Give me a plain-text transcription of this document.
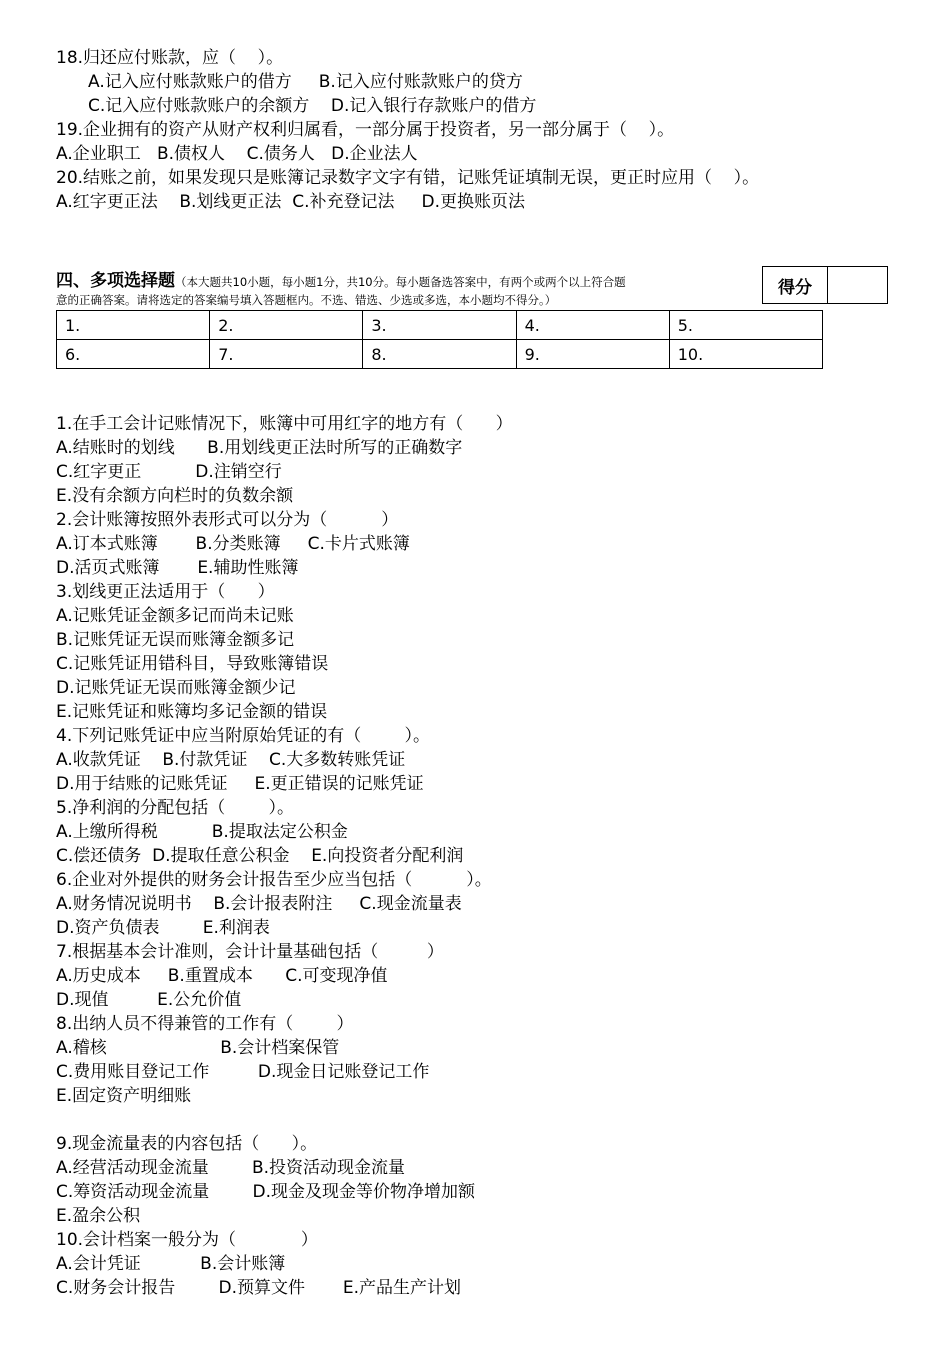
18.归还应付账款，应（    ）。
A.记入应付账款账户的借方     B.记入应付账款账户的贷方
C.记入应付账款账户的余额方    D.记入银行存款账户的借方
19.企业拥有的资产从财产权利归属看，一部分属于投资者，另一部分属于（    ）。
A.企业职工   B.债权人    C.债务人   D.企业法人
20.结账之前，如果发现只是账簿记录数字文字有错，记账凭证填制无误，更正时应用（    ）。
A.红字更正法    B.划线更正法  C.补充登记法     D.更换账页法
四、多项选择题（本大题共10小题，每小题1分，共10分。每小题备选答案中，有两个或两个以上符合题
意的正确答案。请将选定的答案编号填入答题框内。不选、错选、少选或多选，本小题均不得分。）
得分
1.	2.	3.	4.	5.
6.	7.	8.	9.	10.
1.在手工会计记账情况下，账簿中可用红字的地方有（      ）
A.结账时的划线      B.用划线更正法时所写的正确数字
C.红字更正          D.注销空行
E.没有余额方向栏时的负数余额
2.会计账簿按照外表形式可以分为（          ）
A.订本式账簿       B.分类账簿     C.卡片式账簿
D.活页式账簿       E.辅助性账簿
3.划线更正法适用于（      ）
A.记账凭证金额多记而尚未记账
B.记账凭证无误而账簿金额多记
C.记账凭证用错科目，导致账簿错误
D.记账凭证无误而账簿金额少记
E.记账凭证和账簿均多记金额的错误
4.下列记账凭证中应当附原始凭证的有（        ）。
A.收款凭证    B.付款凭证    C.大多数转账凭证
D.用于结账的记账凭证     E.更正错误的记账凭证
5.净利润的分配包括（        ）。
A.上缴所得税          B.提取法定公积金
C.偿还债务  D.提取任意公积金    E.向投资者分配利润
6.企业对外提供的财务会计报告至少应当包括（          ）。
A.财务情况说明书    B.会计报表附注     C.现金流量表
D.资产负债表        E.利润表
7.根据基本会计准则，会计计量基础包括（         ）
A.历史成本     B.重置成本      C.可变现净值
D.现值         E.公允价值
8.出纳人员不得兼管的工作有（        ）
A.稽核                     B.会计档案保管
C.费用账目登记工作         D.现金日记账登记工作
E.固定资产明细账
9.现金流量表的内容包括（      ）。
A.经营活动现金流量        B.投资活动现金流量
C.筹资活动现金流量        D.现金及现金等价物净增加额
E.盈余公积
10.会计档案一般分为（            ）
A.会计凭证           B.会计账簿
C.财务会计报告        D.预算文件       E.产品生产计划
